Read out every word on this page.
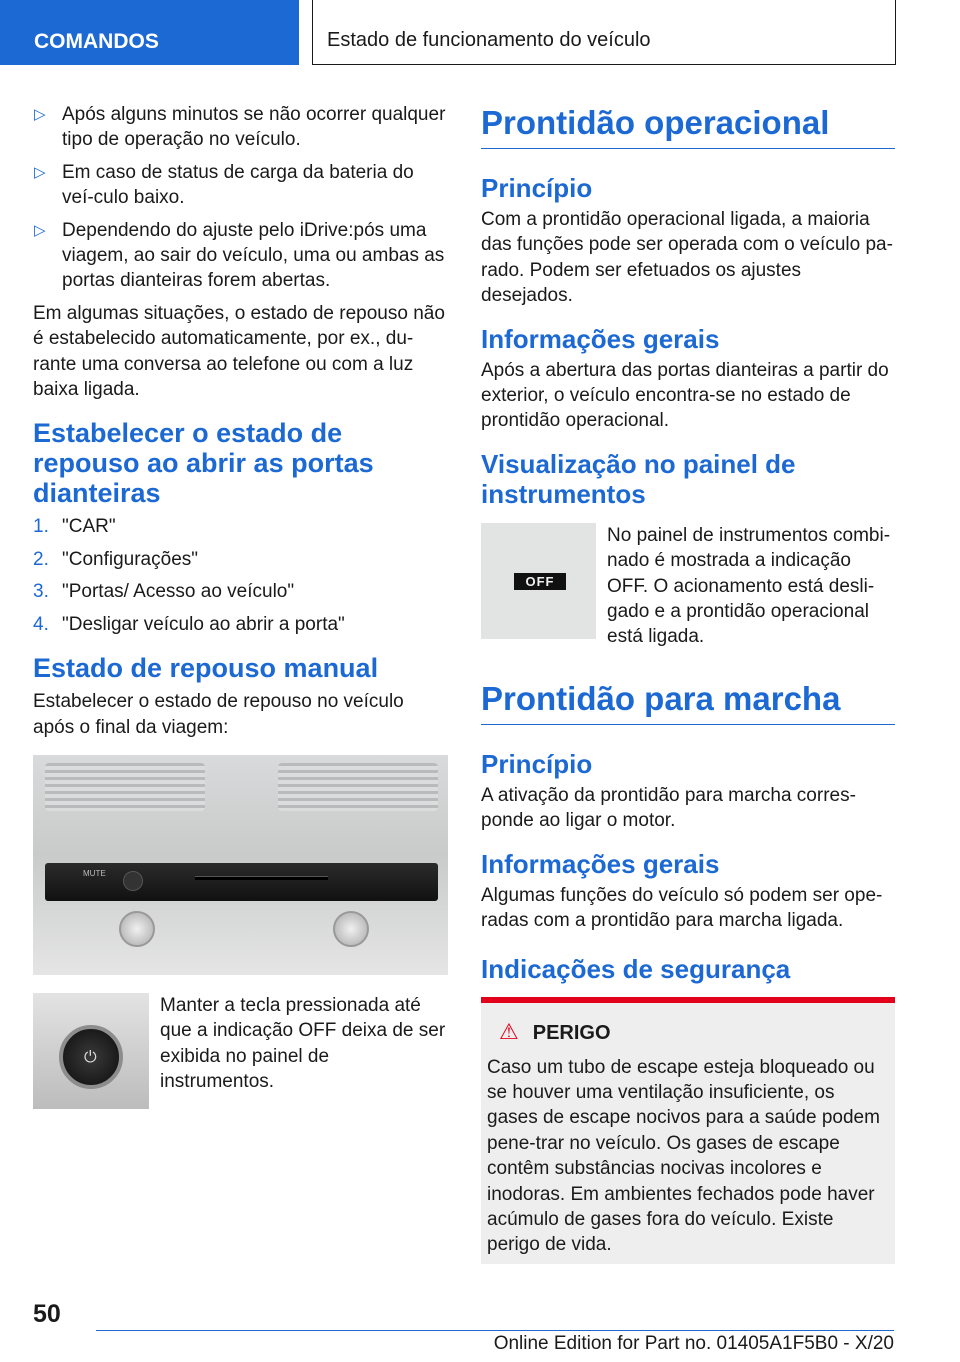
COMANDOS	Estado de funcionamento do veículo
▷ Após alguns minutos se não ocorrer qualquer tipo de operação no veículo.
▷ Em caso de status de carga da bateria do veí‐culo baixo.
▷ Dependendo do ajuste pelo iDrive:pós uma viagem, ao sair do veículo, uma ou ambas as portas dianteiras forem abertas.

Em algumas situações, o estado de repouso não é estabelecido automaticamente, por ex., du‐rante uma conversa ao telefone ou com a luz baixa ligada.

Estabelecer o estado de repouso ao abrir as portas dianteiras
1. "CAR"
2. "Configurações"
3. "Portas/ Acesso ao veículo"
4. "Desligar veículo ao abrir a porta"
Estado de repouso manual

Estabelecer o estado de repouso no veículo após o final da viagem:

MUTE
⏻

Manter a tecla pressionada até que a indicação OFF deixa de ser exibida no painel de instrumentos.

Prontidão operacional
Princípio

Com a prontidão operacional ligada, a maioria das funções pode ser operada com o veículo pa‐rado. Podem ser efetuados os ajustes desejados.

Informações gerais

Após a abertura das portas dianteiras a partir do exterior, o veículo encontra-se no estado de prontidão operacional.

Visualização no painel de instrumentos
OFF

No painel de instrumentos combi‐nado é mostrada a indicação OFF. O acionamento está desli‐gado e a prontidão operacional está ligada.

Prontidão para marcha
Princípio

A ativação da prontidão para marcha corres‐ponde ao ligar o motor.

Informações gerais

Algumas funções do veículo só podem ser ope‐radas com a prontidão para marcha ligada.

Indicações de segurança
⚠ PERIGO

Caso um tubo de escape esteja bloqueado ou se houver uma ventilação insuficiente, os gases de escape nocivos para a saúde podem pene‐trar no veículo. Os gases de escape contêm substâncias nocivas incolores e inodoras. Em ambientes fechados pode haver acúmulo de gases fora do veículo. Existe perigo de vida.

50
Online Edition for Part no. 01405A1F5B0 - X/20
